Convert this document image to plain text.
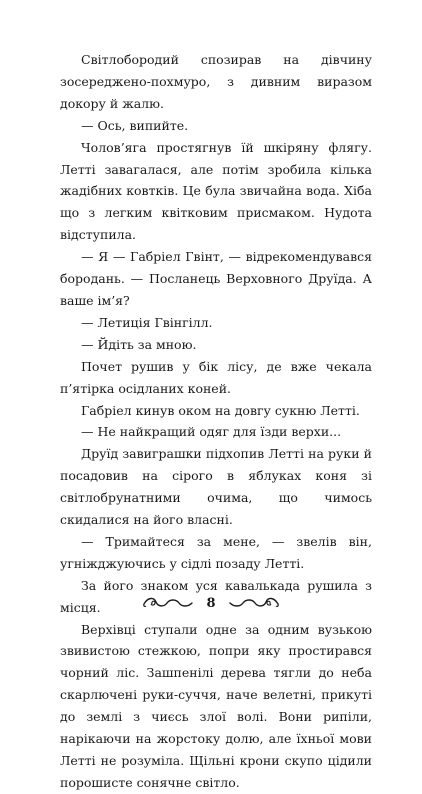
Світлобородий спозирав на дівчину зосереджено-похмуро, з дивним виразом докору й жалю.

— Ось, випийте.

Чолов’яга простягнув їй шкіряну флягу. Летті завагалася, але потім зробила кілька жадібних ковтків. Це була звичайна вода. Хіба що з легким квітковим присмаком. Нудота відступила.

— Я — Габріел Гвінт, — відрекомендувався бородань. — Посланець Верховного Друїда. А ваше ім’я?

— Летиція Гвінгілл.

— Йдіть за мною.

Почет рушив у бік лісу, де вже чекала п’ятірка осідланих коней.

Габріел кинув оком на довгу сукню Летті.

— Не найкращий одяг для їзди верхи...

Друїд завиграшки підхопив Летті на руки й посадовив на сірого в яблуках коня зі світлобрунатними очима, що чимось скидалися на його власні.

— Тримайтеся за мене, — звелів він, угніжджуючись у сідлі позаду Летті.

За його знаком уся кавалькада рушила з місця.

Верхівці ступали одне за одним вузькою звивистою стежкою, попри яку простирався чорний ліс. Зашпенілі дерева тягли до неба скарлючені руки-суччя, наче велетні, прикуті до землі з чиєсь злої волі. Вони рипіли, нарікаючи на жорстоку долю, але їхньої мови Летті не розуміла. Щільні крони скупо цідили порошисте сонячне світло.

8
